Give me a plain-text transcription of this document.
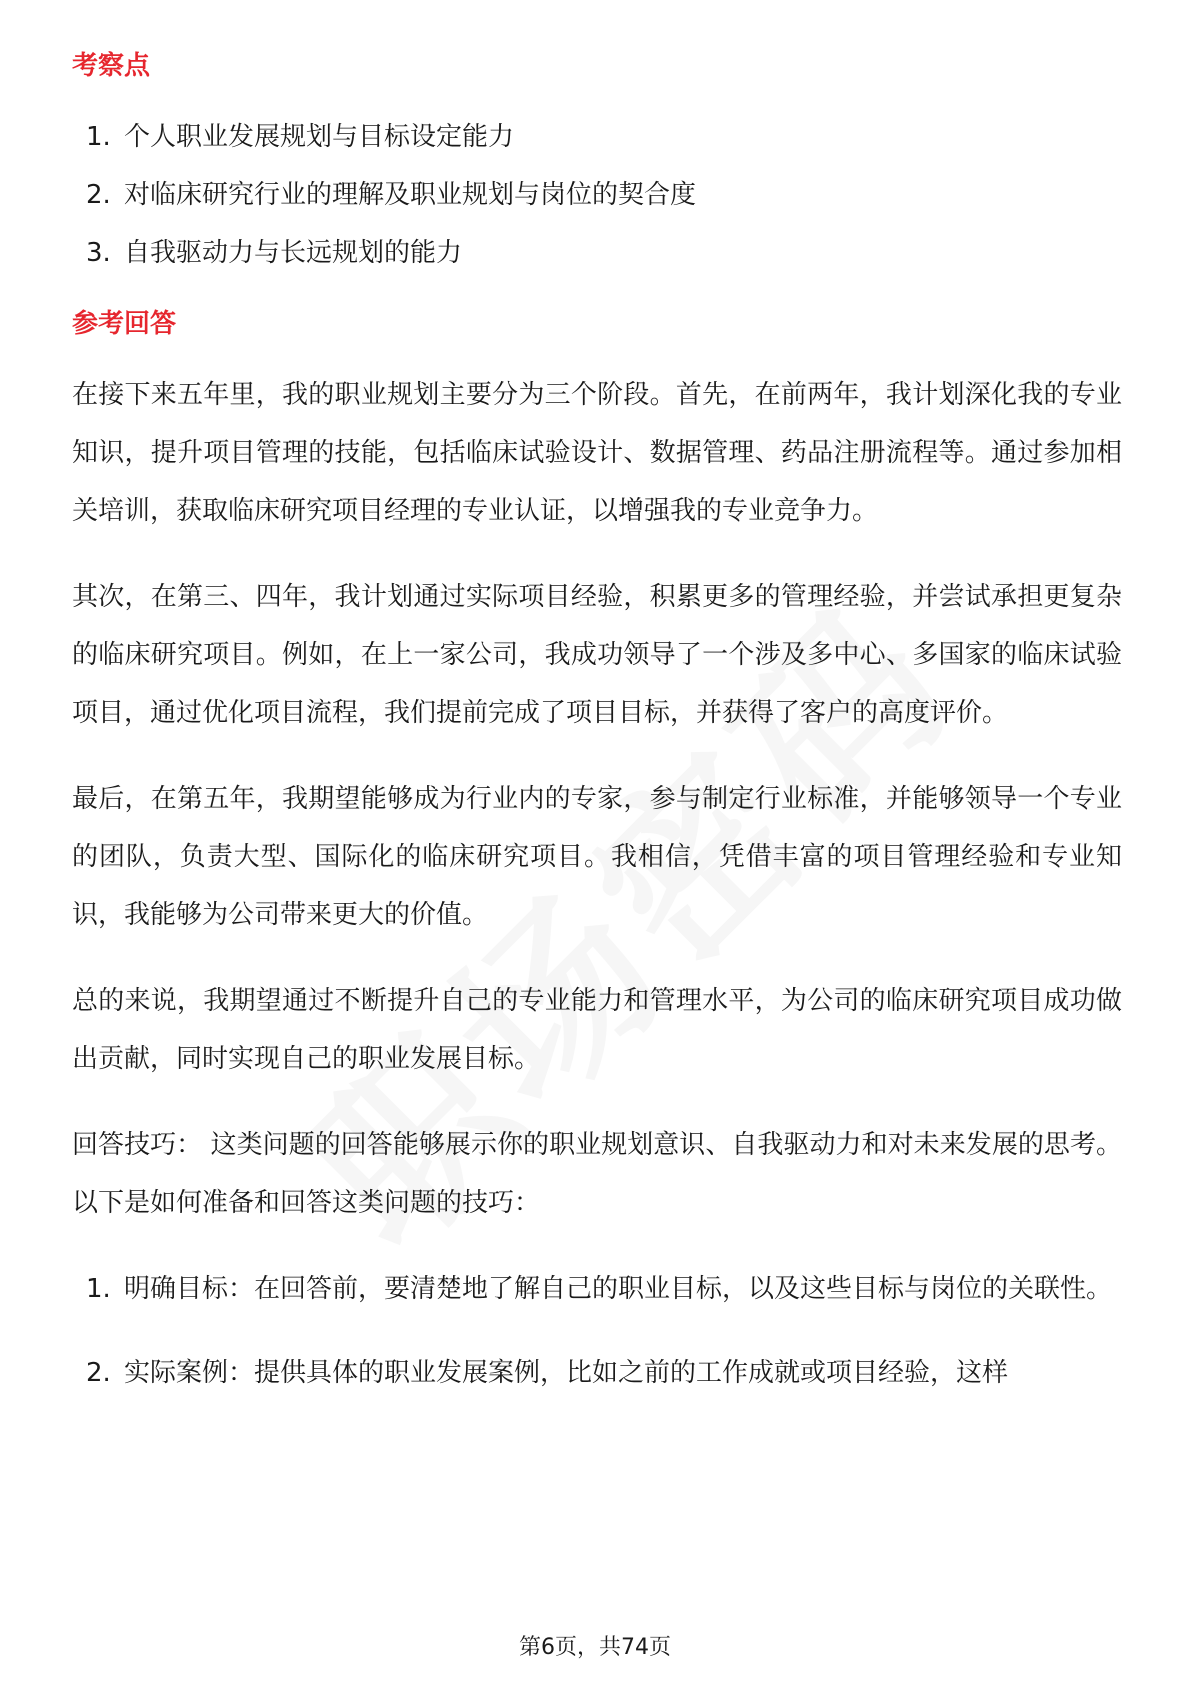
考察点
1. 个人职业发展规划与目标设定能力
2. 对临床研究行业的理解及职业规划与岗位的契合度
3. 自我驱动力与长远规划的能力
参考回答

在接下来五年里，我的职业规划主要分为三个阶段。首先，在前两年，我计划深化我的专业知识，提升项目管理的技能，包括临床试验设计、数据管理、药品注册流程等。通过参加相关培训，获取临床研究项目经理的专业认证，以增强我的专业竞争力。

其次，在第三、四年，我计划通过实际项目经验，积累更多的管理经验，并尝试承担更复杂的临床研究项目。例如，在上一家公司，我成功领导了一个涉及多中心、多国家的临床试验项目，通过优化项目流程，我们提前完成了项目目标，并获得了客户的高度评价。

最后，在第五年，我期望能够成为行业内的专家，参与制定行业标准，并能够领导一个专业的团队，负责大型、国际化的临床研究项目。我相信，凭借丰富的项目管理经验和专业知识，我能够为公司带来更大的价值。

总的来说，我期望通过不断提升自己的专业能力和管理水平，为公司的临床研究项目成功做出贡献，同时实现自己的职业发展目标。

回答技巧： 这类问题的回答能够展示你的职业规划意识、自我驱动力和对未来发展的思考。以下是如何准备和回答这类问题的技巧：

1. 明确目标：在回答前，要清楚地了解自己的职业目标，以及这些目标与岗位的关联性。
2. 实际案例：提供具体的职业发展案例，比如之前的工作成就或项目经验，这样
第6页，共74页
